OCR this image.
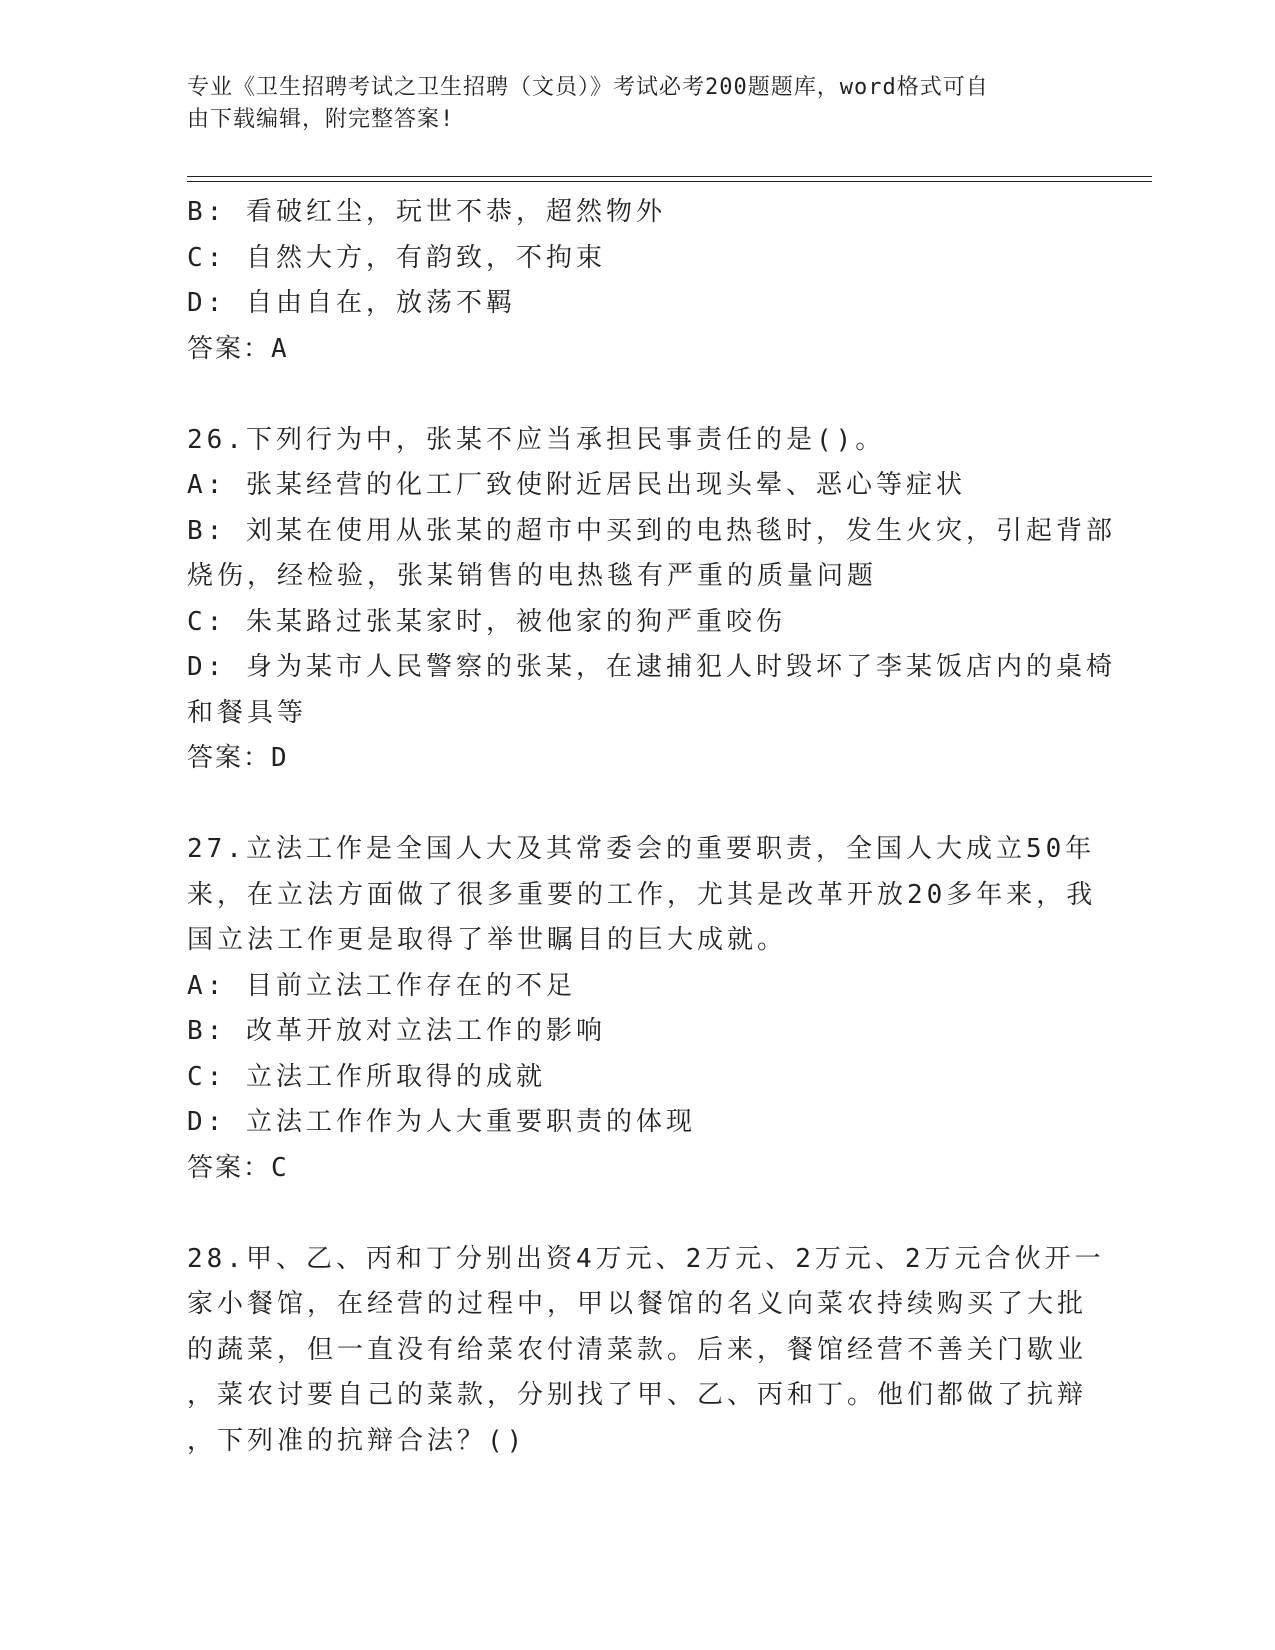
专业《卫生招聘考试之卫生招聘（文员）》考试必考200题题库，word格式可自
由下载编辑，附完整答案!
B: 看破红尘，玩世不恭，超然物外
C: 自然大方，有韵致，不拘束
D: 自由自在，放荡不羁
答案：A
26.下列行为中，张某不应当承担民事责任的是()。
A: 张某经营的化工厂致使附近居民出现头晕、恶心等症状
B: 刘某在使用从张某的超市中买到的电热毯时，发生火灾，引起背部
烧伤，经检验，张某销售的电热毯有严重的质量问题
C: 朱某路过张某家时，被他家的狗严重咬伤
D: 身为某市人民警察的张某，在逮捕犯人时毁坏了李某饭店内的桌椅
和餐具等
答案：D
27.立法工作是全国人大及其常委会的重要职责，全国人大成立50年
来，在立法方面做了很多重要的工作，尤其是改革开放20多年来，我
国立法工作更是取得了举世瞩目的巨大成就。
A: 目前立法工作存在的不足
B: 改革开放对立法工作的影响
C: 立法工作所取得的成就
D: 立法工作作为人大重要职责的体现
答案：C
28.甲、乙、丙和丁分别出资4万元、2万元、2万元、2万元合伙开一
家小餐馆，在经营的过程中，甲以餐馆的名义向菜农持续购买了大批
的蔬菜，但一直没有给菜农付清菜款。后来，餐馆经营不善关门歇业
，菜农讨要自己的菜款，分别找了甲、乙、丙和丁。他们都做了抗辩
，下列准的抗辩合法？()
